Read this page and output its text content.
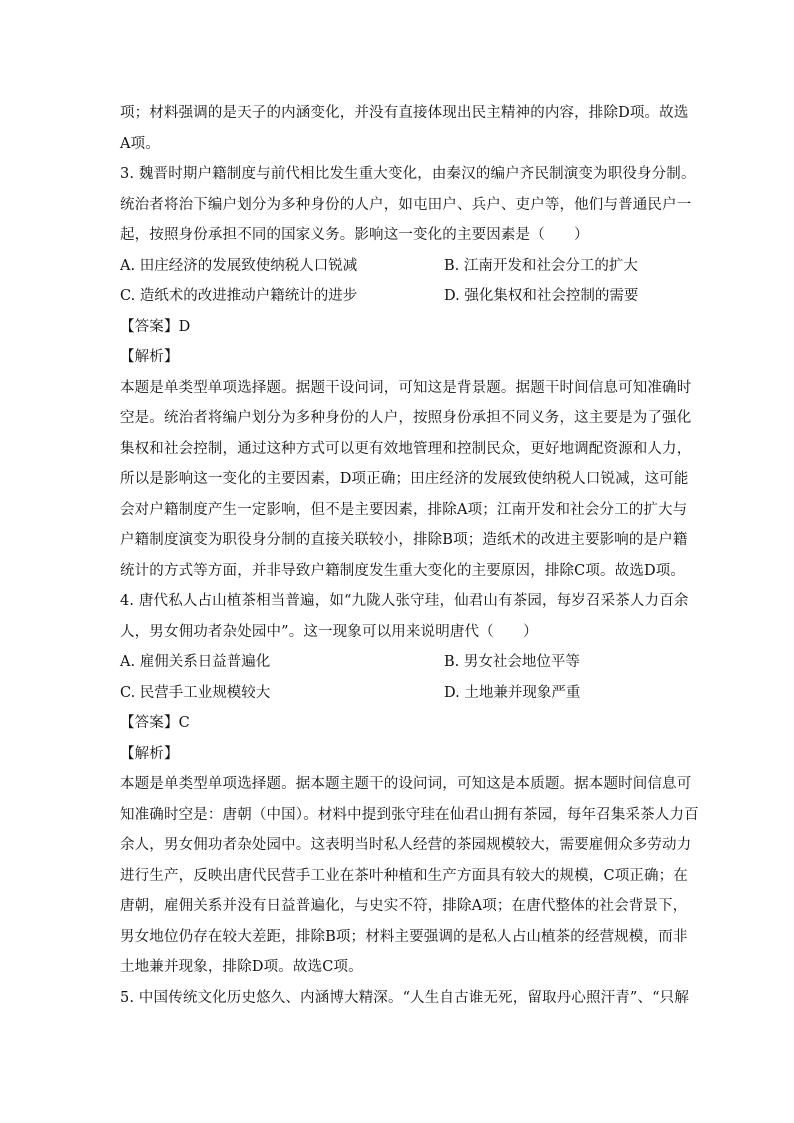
项；材料强调的是天子的内涵变化，并没有直接体现出民主精神的内容，排除D项。故选
A项。
3. 魏晋时期户籍制度与前代相比发生重大变化，由秦汉的编户齐民制演变为职役身分制。
统治者将治下编户划分为多种身份的人户，如屯田户、兵户、吏户等，他们与普通民户一
起，按照身份承担不同的国家义务。影响这一变化的主要因素是（　　）
A. 田庄经济的发展致使纳税人口锐减	B. 江南开发和社会分工的扩大
C. 造纸术的改进推动户籍统计的进步	D. 强化集权和社会控制的需要
【答案】D
【解析】
本题是单类型单项选择题。据题干设问词，可知这是背景题。据题干时间信息可知准确时
空是。统治者将编户划分为多种身份的人户，按照身份承担不同义务，这主要是为了强化
集权和社会控制，通过这种方式可以更有效地管理和控制民众，更好地调配资源和人力，
所以是影响这一变化的主要因素，D项正确；田庄经济的发展致使纳税人口锐减，这可能
会对户籍制度产生一定影响，但不是主要因素，排除A项；江南开发和社会分工的扩大与
户籍制度演变为职役身分制的直接关联较小，排除B项；造纸术的改进主要影响的是户籍
统计的方式等方面，并非导致户籍制度发生重大变化的主要原因，排除C项。故选D项。
4. 唐代私人占山植茶相当普遍，如“九陇人张守珪，仙君山有茶园，每岁召采茶人力百余
人，男女佣功者杂处园中”。这一现象可以用来说明唐代（　　）
A. 雇佣关系日益普遍化	B. 男女社会地位平等
C. 民营手工业规模较大	D. 土地兼并现象严重
【答案】C
【解析】
本题是单类型单项选择题。据本题主题干的设问词，可知这是本质题。据本题时间信息可
知准确时空是：唐朝（中国）。材料中提到张守珪在仙君山拥有茶园，每年召集采茶人力百
余人，男女佣功者杂处园中。这表明当时私人经营的茶园规模较大，需要雇佣众多劳动力
进行生产，反映出唐代民营手工业在茶叶种植和生产方面具有较大的规模，C项正确；在
唐朝，雇佣关系并没有日益普遍化，与史实不符，排除A项；在唐代整体的社会背景下，
男女地位仍存在较大差距，排除B项；材料主要强调的是私人占山植茶的经营规模，而非
土地兼并现象，排除D项。故选C项。
5. 中国传统文化历史悠久、内涵博大精深。“人生自古谁无死，留取丹心照汗青”、“只解
